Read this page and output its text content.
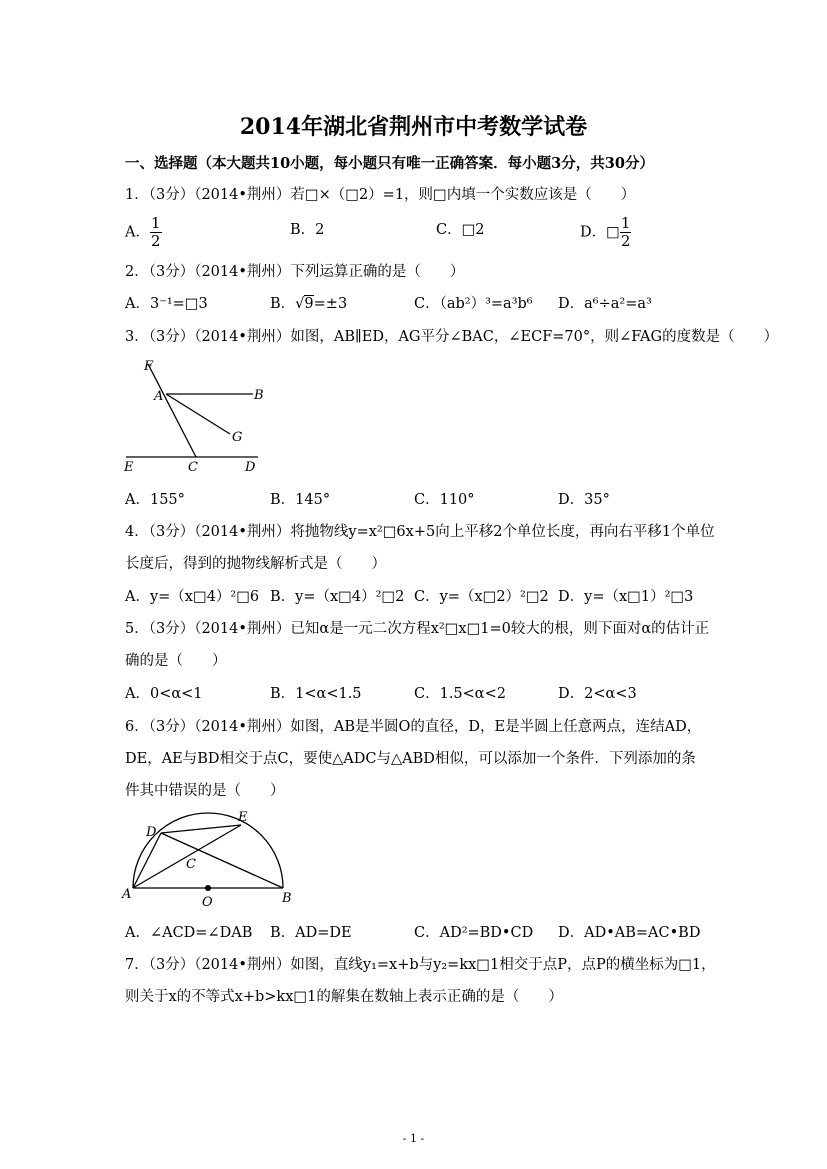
2014年湖北省荆州市中考数学试卷
一、选择题（本大题共10小题，每小题只有唯一正确答案．每小题3分，共30分）
1．（3分）（2014•荆州）若□×（□2）=1，则□内填一个实数应该是（　　）
A． $\frac{1}{2}$	B．2	C．□2	D．□ $\frac{1}{2}$
2．（3分）（2014•荆州）下列运算正确的是（　　）
A．3⁻¹=□3	B．√9=±3	C．（ab²）³=a³b⁶ D．a⁶÷a²=a³
3．（3分）（2014•荆州）如图，AB∥ED，AG平分∠BAC，∠ECF=70°，则∠FAG的度数是（　　）
F
A	B
G
E	C	D
A．155°	B．145°	C．110°	D．35°
4．（3分）（2014•荆州）将抛物线y=x²□6x+5向上平移2个单位长度，再向右平移1个单位
长度后，得到的抛物线解析式是（　　）
A．y=（x□4）²□6 B．y=（x□4）²□2 C．y=（x□2）²□2 D．y=（x□1）²□3
5．（3分）（2014•荆州）已知α是一元二次方程x²□x□1=0较大的根，则下面对α的估计正
确的是（　　）
A．0<α<1	B．1<α<1.5	C．1.5<α<2	D．2<α<3
6．（3分）（2014•荆州）如图，AB是半圆O的直径，D，E是半圆上任意两点，连结AD，
DE，AE与BD相交于点C，要使△ADC与△ABD相似，可以添加一个条件．下列添加的条
件其中错误的是（　　）
D
E
C
A
O	B
A．∠ACD=∠DAB B．AD=DE	C．AD²=BD•CD D．AD•AB=AC•BD
7．（3分）（2014•荆州）如图，直线y₁=x+b与y₂=kx□1相交于点P，点P的横坐标为□1，
则关于x的不等式x+b>kx□1的解集在数轴上表示正确的是（　　）
- 1 -
